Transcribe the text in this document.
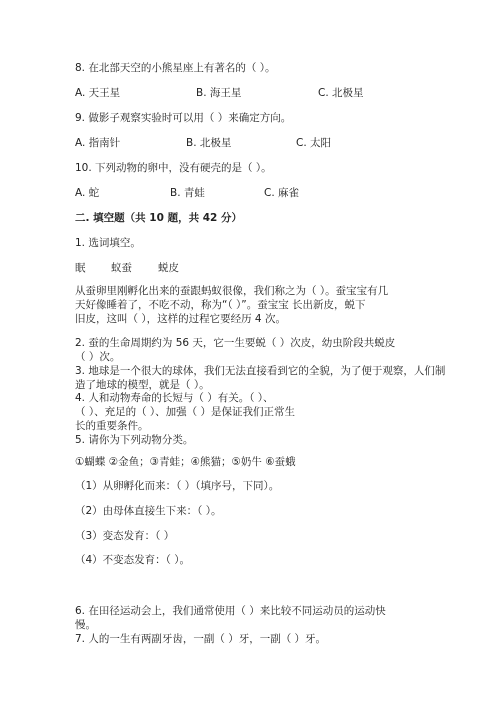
8. 在北部天空的小熊星座上有著名的（ ）。
A. 天王星	B. 海王星	C. 北极星
9. 做影子观察实验时可以用（ ）来确定方向。
A. 指南针	B. 北极星	C. 太阳
10. 下列动物的卵中，没有硬壳的是（ ）。
A. 蛇	B. 青蛙	C. 麻雀
二. 填空题（共 10 题，共 42 分）
1. 选词填空。
眠 蚁蚕 蜕皮
从蚕卵里刚孵化出来的蚕跟蚂蚁很像，我们称之为（ ）。蚕宝宝有几
天好像睡着了，不吃不动，称为“（ ）”。蚕宝宝 长出新皮，蜕下
旧皮，这叫（ ），这样的过程它要经历 4 次。
2. 蚕的生命周期约为 56 天，它一生要蜕（ ）次皮，幼虫阶段共蜕皮
（ ）次。
3. 地球是一个很大的球体，我们无法直接看到它的全貌，为了便于观察，人们制
造了地球的模型，就是（ ）。
4. 人和动物寿命的长短与（ ）有关。（ ）、
（ ）、充足的（ ）、加强（ ）是保证我们正常生
长的重要条件。
5. 请你为下列动物分类。
①蝴蝶 ②金鱼；③青蛙；④熊猫；⑤奶牛 ⑥蚕蛾
（1）从卵孵化而来：（ ）（填序号，下同）。
（2）由母体直接生下来：（ ）。
（3）变态发育：（ ）
（4）不变态发育：（ ）。
6. 在田径运动会上，我们通常使用（ ）来比较不同运动员的运动快
慢。
7. 人的一生有两副牙齿，一副（ ）牙，一副（ ）牙。
